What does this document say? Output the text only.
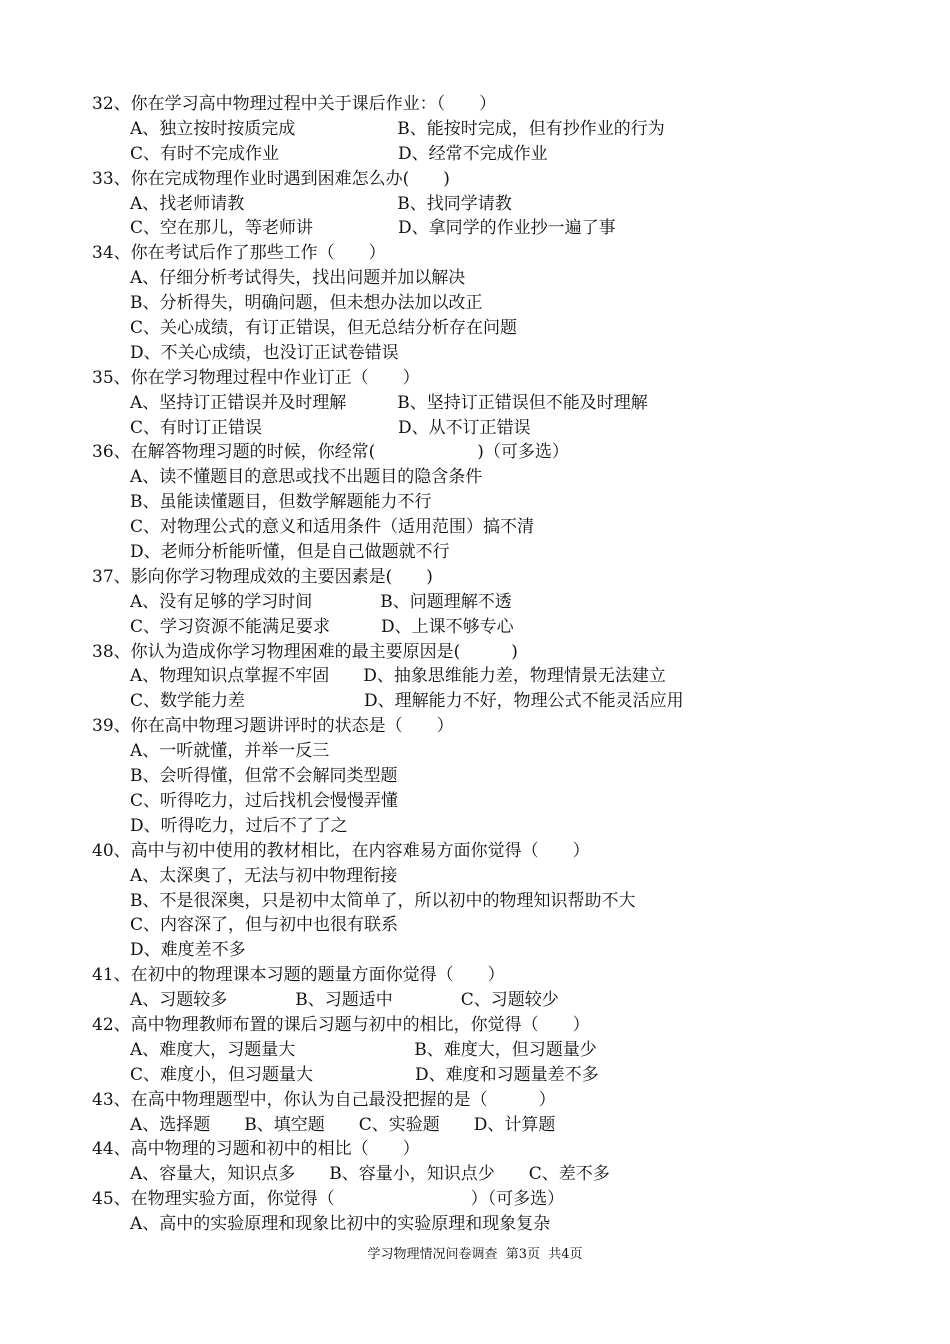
32、你在学习高中物理过程中关于课后作业：（　　）
A、独立按时按质完成　　　　　　B、能按时完成，但有抄作业的行为
C、有时不完成作业　　　　　　　D、经常不完成作业
33、你在完成物理作业时遇到困难怎么办(　　)
A、找老师请教　　　　　　　　　B、找同学请教
C、空在那儿，等老师讲　　　　　D、拿同学的作业抄一遍了事
34、你在考试后作了那些工作（　　）
A、仔细分析考试得失，找出问题并加以解决
B、分析得失，明确问题，但未想办法加以改正
C、关心成绩，有订正错误，但无总结分析存在问题
D、不关心成绩，也没订正试卷错误
35、你在学习物理过程中作业订正（　　）
A、坚持订正错误并及时理解　　　B、坚持订正错误但不能及时理解
C、有时订正错误　　　　　　　　D、从不订正错误
36、在解答物理习题的时候，你经常(　　　　　　)（可多选）
A、读不懂题目的意思或找不出题目的隐含条件
B、虽能读懂题目，但数学解题能力不行
C、对物理公式的意义和适用条件（适用范围）搞不清
D、老师分析能听懂，但是自己做题就不行
37、影向你学习物理成效的主要因素是(　　)
A、没有足够的学习时间　　　　B、问题理解不透
C、学习资源不能满足要求　　　D、上课不够专心
38、你认为造成你学习物理困难的最主要原因是(　　　)
A、物理知识点掌握不牢固　　D、抽象思维能力差，物理情景无法建立
C、数学能力差　　　　　　　D、理解能力不好，物理公式不能灵活应用
39、你在高中物理习题讲评时的状态是（　　）
A、一听就懂，并举一反三
B、会听得懂，但常不会解同类型题
C、听得吃力，过后找机会慢慢弄懂
D、听得吃力，过后不了了之
40、高中与初中使用的教材相比，在内容难易方面你觉得（　　）
A、太深奥了，无法与初中物理衔接
B、不是很深奥，只是初中太简单了，所以初中的物理知识帮助不大
C、内容深了，但与初中也很有联系
D、难度差不多
41、在初中的物理课本习题的题量方面你觉得（　　）
A、习题较多　　　　B、习题适中　　　　C、习题较少
42、高中物理教师布置的课后习题与初中的相比，你觉得（　　）
A、难度大，习题量大　　　　　　　B、难度大，但习题量少
C、难度小，但习题量大　　　　　　D、难度和习题量差不多
43、在高中物理题型中，你认为自己最没把握的是（　　　）
A、选择题　　B、填空题　　C、实验题　　D、计算题
44、高中物理的习题和初中的相比（　　）
A、容量大，知识点多　　B、容量小，知识点少　　C、差不多
45、在物理实验方面，你觉得（　　　　　　　　）（可多选）
A、高中的实验原理和现象比初中的实验原理和现象复杂
学习物理情况问卷调查  第3页  共4页
